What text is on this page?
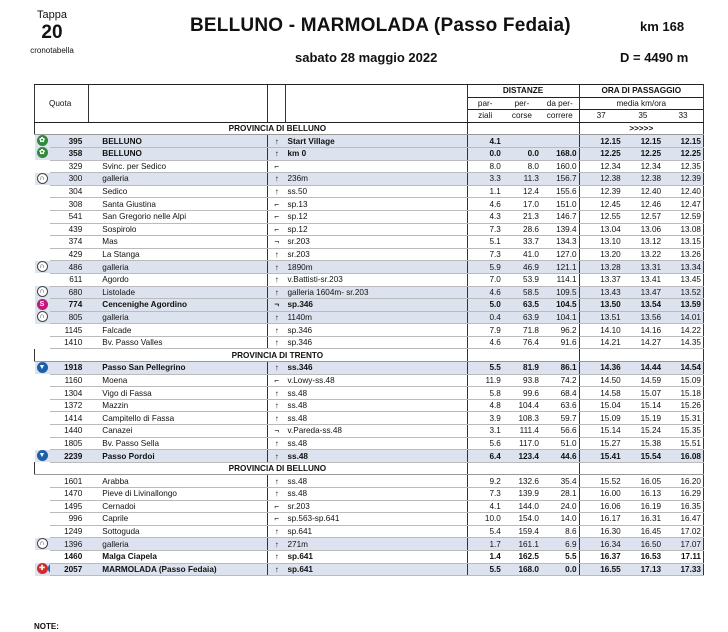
Tappa
20
cronotabella
BELLUNO - MARMOLADA (Passo Fedaia)	km 168
sabato 28 maggio 2022	D = 4490 m
Quota					DISTANZE			ORA DI PASSAGGIO		
					par-	per-	da per-	media km/ora		
					ziali	corse	correre	37	35	33
		PROVINCIA DI BELLUNO						>>>>>		

✿	395	BELLUNO	↑	Start Village	4.1			12.15	12.15	12.15

✿	358	BELLUNO	↑	km 0	0.0	0.0	168.0	12.25	12.25	12.25
	329	Svinc. per Sedico	⌐		8.0	8.0	160.0	12.34	12.34	12.35

∩	300	galleria	↑	236m	3.3	11.3	156.7	12.38	12.38	12.39
	304	Sedico	↑	ss.50	1.1	12.4	155.6	12.39	12.40	12.40
	308	Santa Giustina	⌐	sp.13	4.6	17.0	151.0	12.45	12.46	12.47
	541	San Gregorio nelle Alpi	⌐	sp.12	4.3	21.3	146.7	12.55	12.57	12.59
	439	Sospirolo	⌐	sp.12	7.3	28.6	139.4	13.04	13.06	13.08
	374	Mas	¬	sr.203	5.1	33.7	134.3	13.10	13.12	13.15
	429	La Stanga	↑	sr.203	7.3	41.0	127.0	13.20	13.22	13.26

∩	486	galleria	↑	1890m	5.9	46.9	121.1	13.28	13.31	13.34
	611	Agordo	↑	v.Battisti-sr.203	7.0	53.9	114.1	13.37	13.41	13.45

∩	680	Listolade	↑	galleria 1604m- sr.203	4.6	58.5	109.5	13.43	13.47	13.52

S	774	Cencenighe Agordino	¬	sp.346	5.0	63.5	104.5	13.50	13.54	13.59

∩	805	galleria	↑	1140m	0.4	63.9	104.1	13.51	13.56	14.01
	1145	Falcade	↑	sp.346	7.9	71.8	96.2	14.10	14.16	14.22
	1410	Bv. Passo Valles	↑	sp.346	4.6	76.4	91.6	14.21	14.27	14.35
		PROVINCIA DI TRENTO								

▼	1918	Passo San Pellegrino	↑	ss.346	5.5	81.9	86.1	14.36	14.44	14.54
	1160	Moena	⌐	v.Lowy-ss.48	11.9	93.8	74.2	14.50	14.59	15.09
	1304	Vigo di Fassa	↑	ss.48	5.8	99.6	68.4	14.58	15.07	15.18
	1372	Mazzin	↑	ss.48	4.8	104.4	63.6	15.04	15.14	15.26
	1414	Campitello di Fassa	↑	ss.48	3.9	108.3	59.7	15.09	15.19	15.31
	1440	Canazei	¬	v.Pareda-ss.48	3.1	111.4	56.6	15.14	15.24	15.35
	1805	Bv. Passo Sella	↑	ss.48	5.6	117.0	51.0	15.27	15.38	15.51

▼	2239	Passo Pordoi	↑	ss.48	6.4	123.4	44.6	15.41	15.54	16.08
		PROVINCIA DI BELLUNO								
	1601	Arabba	↑	ss.48	9.2	132.6	35.4	15.52	16.05	16.20
	1470	Pieve di Livinallongo	↑	ss.48	7.3	139.9	28.1	16.00	16.13	16.29
	1495	Cernadoi	⌐	sr.203	4.1	144.0	24.0	16.06	16.19	16.35
	996	Caprile	⌐	sp.563-sp.641	10.0	154.0	14.0	16.17	16.31	16.47
	1249	Sottoguda	↑	sp.641	5.4	159.4	8.6	16.30	16.45	17.02

∩	1396	galleria	↑	271m	1.7	161.1	6.9	16.34	16.50	17.07
	1460	Malga Ciapela	↑	sp.641	1.4	162.5	5.5	16.37	16.53	17.11

✚	2057	MARMOLADA (Passo Fedaia)	↑	sp.641	5.5	168.0	0.0	16.55	17.13	17.33
NOTE:
